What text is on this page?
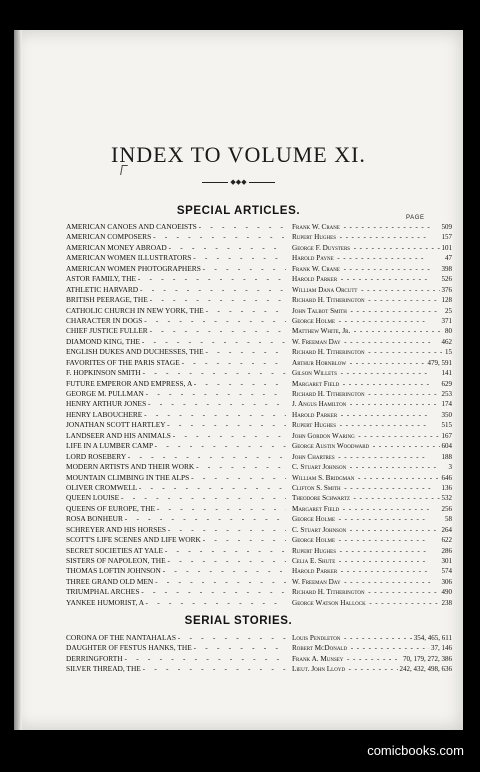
INDEX TO VOLUME XI.
◆◆◆
SPECIAL ARTICLES.
PAGE
AMERICAN CANOES AND CANOEISTS -	Frank W. Crane - -	509
AMERICAN COMPOSERS -	Rupert Hughes - -	157
AMERICAN MONEY ABROAD -	George F. Duysters - -	101
AMERICAN WOMEN ILLUSTRATORS -	Harold Payne - -	47
AMERICAN WOMEN PHOTOGRAPHERS -	Frank W. Crane - -	398
ASTOR FAMILY, THE -	Harold Parker - -	526
ATHLETIC HARVARD -	William Dana Orcutt - -	376
BRITISH PEERAGE, THE -	Richard H. Titherington - -	128
CATHOLIC CHURCH IN NEW YORK, THE -	John Talbot Smith - -	25
CHARACTER IN DOGS -	George Holme - -	371
CHIEF JUSTICE FULLER -	Matthew White, Jr. - -	80
DIAMOND KING, THE -	W. Freeman Day - -	462
ENGLISH DUKES AND DUCHESSES, THE -	Richard H. Titherington - -	15
FAVORITES OF THE PARIS STAGE -	Arthur Hornblow - -	479, 591
F. HOPKINSON SMITH -	Gilson Willets - -	141
FUTURE EMPEROR AND EMPRESS, A -	Margaret Field - -	629
GEORGE M. PULLMAN -	Richard H. Titherington - -	253
HENRY ARTHUR JONES -	J. Angus Hamilton - -	174
HENRY LABOUCHERE -	Harold Parker - -	350
JONATHAN SCOTT HARTLEY -	Rupert Hughes - -	515
LANDSEER AND HIS ANIMALS -	John Gordon Waring - -	167
LIFE IN A LUMBER CAMP -	George Austin Woodward - -	604
LORD ROSEBERY -	John Chartres - -	188
MODERN ARTISTS AND THEIR WORK -	C. Stuart Johnson - -	3
MOUNTAIN CLIMBING IN THE ALPS -	William S. Bridgman - -	646
OLIVER CROMWELL -	Clifton S. Smith - -	136
QUEEN LOUISE -	Theodore Schwartz - -	532
QUEENS OF EUROPE, THE -	Margaret Field - -	256
ROSA BONHEUR -	George Holme - -	58
SCHREYER AND HIS HORSES -	C. Stuart Johnson - -	264
SCOTT'S LIFE SCENES AND LIFE WORK -	George Holme - -	622
SECRET SOCIETIES AT YALE -	Rupert Hughes - -	286
SISTERS OF NAPOLEON, THE -	Celia E. Shute - -	301
THOMAS LOFTIN JOHNSON -	Harold Parker - -	574
THREE GRAND OLD MEN -	W. Freeman Day - -	306
TRIUMPHAL ARCHES -	Richard H. Titherington - -	490
YANKEE HUMORIST, A -	George Watson Hallock - -	238
SERIAL STORIES.
CORONA OF THE NANTAHALAS -	Louis Pendleton - -	354, 465, 611
DAUGHTER OF FESTUS HANKS, THE -	Robert McDonald - -	37, 146
DERRINGFORTH -	Frank A. Munsey - -	70, 179, 272, 386
SILVER THREAD, THE -	Lieut. John Lloyd - -	242, 432, 498, 636
comicbooks.com
